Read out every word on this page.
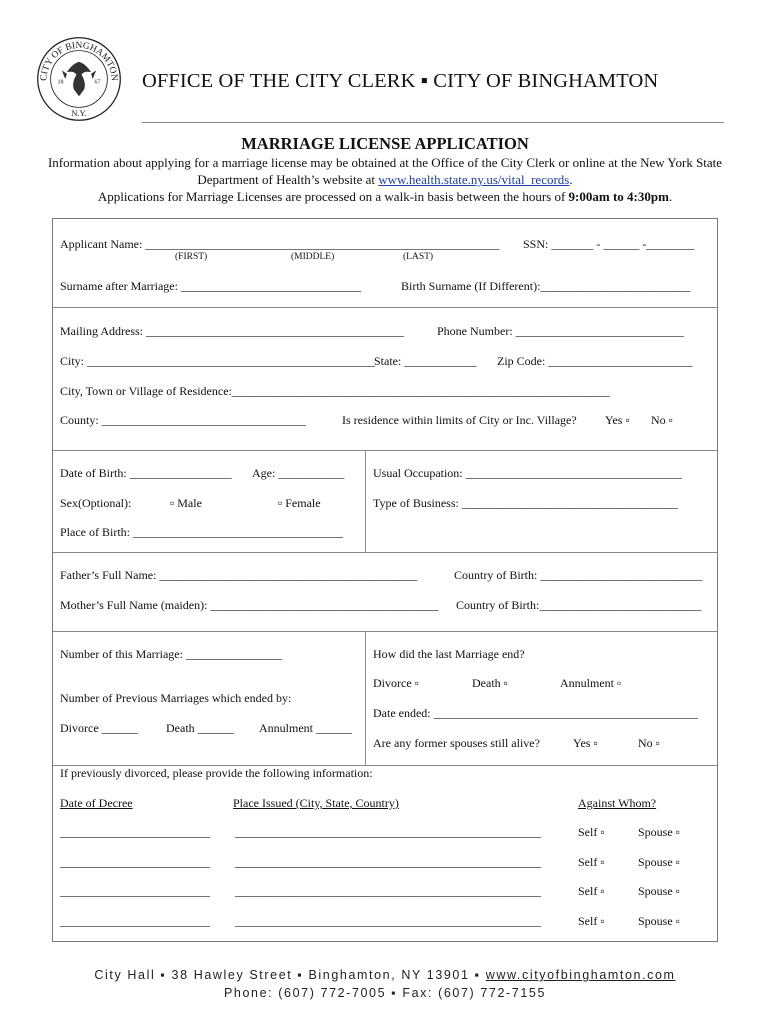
CITY OF BINGHAMTON
N.Y.
18	67 OFFICE OF THE CITY CLERK ▪ CITY OF BINGHAMTON
MARRIAGE LICENSE APPLICATION
Information about applying for a marriage license may be obtained at the Office of the City Clerk or online at the New York State Department of Health’s website at www.health.state.ny.us/vital_records.
Applications for Marriage Licenses are processed on a walk-in basis between the hours of 9:00am to 4:30pm.
Applicant Name: ___________________________________________________________ SSN: _______ - ______ -________
(FIRST)	(MIDDLE)	(LAST)
Surname after Marriage: ______________________________	Birth Surname (If Different):_________________________
Mailing Address: ___________________________________________	Phone Number: ____________________________
City: ________________________________________________
State: ____________ Zip Code: ________________________
City, Town or Village of Residence:_______________________________________________________________
County: __________________________________	Is residence within limits of City or Inc. Village? Yes ▫ No ▫
Date of Birth: _________________ Age: ___________ Usual Occupation: ____________________________________
Sex(Optional):	▫ Male	▫ Female	Type of Business: ____________________________________
Place of Birth: ___________________________________
Father’s Full Name: ___________________________________________	Country of Birth: ___________________________
Mother’s Full Name (maiden): ______________________________________ Country of Birth:___________________________
Number of this Marriage: ________________
Number of Previous Marriages which ended by:
Divorce ______ Death ______ Annulment ______
How did the last Marriage end?
Divorce ▫	Death ▫	Annulment ▫
Date ended: ____________________________________________
Are any former spouses still alive?	Yes ▫	No ▫
If previously divorced, please provide the following information:
Date of Decree	Place Issued (City, State, Country)	Against Whom?
_________________________ ___________________________________________________	Self ▫	Spouse ▫
_________________________ ___________________________________________________	Self ▫	Spouse ▫
_________________________ ___________________________________________________	Self ▫	Spouse ▫
_________________________ ___________________________________________________	Self ▫	Spouse ▫
City Hall ▪ 38 Hawley Street ▪ Binghamton, NY 13901 ▪ www.cityofbinghamton.com
Phone: (607) 772-7005 ▪ Fax: (607) 772-7155
